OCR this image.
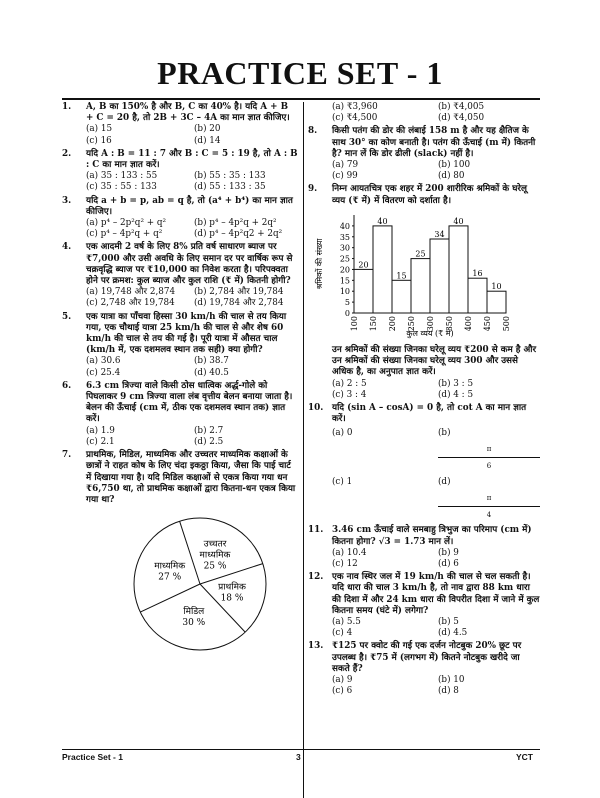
PRACTICE SET - 1
1.	A, B का 150% है और B, C का 40% है। यदि A + B + C = 20 है, तो 2B + 3C – 4A का मान ज्ञात कीजिए।
(a) 15	(b) 20
(c) 16	(d) 14
2.	यदि A : B = 11 : 7 और B : C = 5 : 19 है, तो A : B : C का मान ज्ञात करें।
(a) 35 : 133 : 55	(b) 55 : 35 : 133
(c) 35 : 55 : 133	(d) 55 : 133 : 35
3.	यदि a + b = p, ab = q है, तो (a⁴ + b⁴) का मान ज्ञात कीजिए।
(a) p⁴ – 2p²q² + q²	(b) p⁴ – 4p²q + 2q²
(c) p⁴ – 4p²q + q²	(d) p⁴ – 4p²q2 + 2q²
4.	एक आदमी 2 वर्ष के लिए 8% प्रति वर्ष साधारण ब्याज पर ₹7,000 और उसी अवधि के लिए समान दर पर वार्षिक रूप से चक्रवृद्धि ब्याज पर ₹10,000 का निवेश करता है। परिपक्वता होने पर क्रमश: कुल ब्याज और कुल राशि (₹ में) कितनी होगी?
(a) 19,748 और 2,874	(b) 2,784 और 19,784
(c) 2,748 और 19,784	(d) 19,784 और 2,784
5.	एक यात्रा का पाँचवा हिस्सा 30 km/h की चाल से तय किया गया, एक चौथाई यात्रा 25 km/h की चाल से और शेष 60 km/h की चाल से तय की गई है। पूरी यात्रा में औसत चाल (km/h में, एक दशमलव स्थान तक सही) क्या होगी?
(a) 30.6	(b) 38.7
(c) 25.4	(d) 40.5
6.	6.3 cm त्रिज्या वाले किसी ठोस धात्विक अर्द्ध-गोले को पिघलाकर 9 cm त्रिज्या वाला लंब वृत्तीय बेलन बनाया जाता है। बेलन की ऊँचाई (cm में, ठीक एक दशमलव स्थान तक) ज्ञात करें।
(a) 1.9	(b) 2.7
(c) 2.1	(d) 2.5
7.	प्राथमिक, मिडिल, माध्यमिक और उच्चतर माध्यमिक कक्षाओं के छात्रों ने राहत कोष के लिए चंदा इकठ्ठा किया, जैसा कि पाई चार्ट में दिखाया गया है। यदि मिडिल कक्षाओं से एकत्र किया गया धन ₹6,750 था, तो प्राथमिक कक्षाओं द्वारा कितना-धन एकत्र किया गया था?
उच्चतर
माध्यमिक
25 %
प्राथमिक
18 %
मिडिल
30 %
माध्यमिक
27 %
(a) ₹3,960	(b) ₹4,005
(c) ₹4,500	(d) ₹4,050
8.	किसी पतंग की डोर की लंबाई 158 m है और यह क्षैतिज के साथ 30° का कोण बनाती है। पतंग की ऊँचाई (m में) कितनी है? मान लें कि डोर ढीली (slack) नहीं है।
(a) 79	(b) 100
(c) 99	(d) 80
9.	निम्न आयतचित्र एक शहर में 200 शारीरिक श्रमिकों के घरेलू व्यय (₹ में) में वितरण को दर्शाता है।
0
5
10
15
20
25
30
35
40
20
40
15
25
34
40
16
10
100 150 200 250 300 350 400 450 500
कुल व्यय (₹ में)
श्रमिकों की संख्या
उन श्रमिकों की संख्या जिनका घरेलू व्यय ₹200 से कम है और उन श्रमिकों की संख्या जिनका घरेलू व्यय 300 और उससे अधिक है, का अनुपात ज्ञात करें।
(a) 2 : 5	(b) 3 : 5
(c) 3 : 4	(d) 4 : 5
10. यदि (sin A – cosA) = 0 है, तो cot A का मान ज्ञात करें।
(a) 0	(b)
π
6
(c) 1	(d)
π
4
11. 3.46 cm ऊँचाई वाले समबाहु त्रिभुज का परिमाप (cm में) कितना होगा? √3 = 1.73 मान लें।
(a) 10.4	(b) 9
(c) 12	(d) 6
12. एक नाव स्थिर जल में 19 km/h की चाल से चल सकती है। यदि धारा की चाल 3 km/h है, तो नाव द्वारा 88 km धारा की दिशा में और 24 km धारा की विपरीत दिशा में जाने में कुल कितना समय (घंटे में) लगेगा?
(a) 5.5	(b) 5
(c) 4	(d) 4.5
13. ₹125 पर क्वोट की गई एक दर्जन नोटबुक 20% छूट पर उपलब्ध है। ₹75 में (लगभग में) कितने नोटबुक खरीदे जा सकते हैं?
(a) 9	(b) 10
(c) 6	(d) 8
Practice Set - 1	3	YCT
